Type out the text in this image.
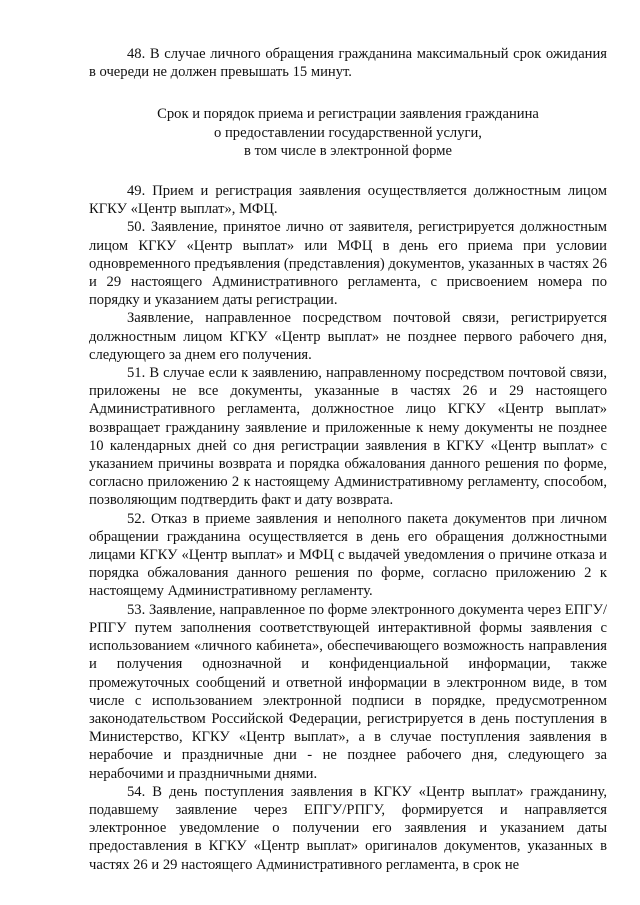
48. В случае личного обращения гражданина максимальный срок ожидания в очереди не должен превышать 15 минут.

Срок и порядок приема и регистрации заявления гражданина
о предоставлении государственной услуги,
в том числе в электронной форме

49. Прием и регистрация заявления осуществляется должностным лицом КГКУ «Центр выплат», МФЦ.

50. Заявление, принятое лично от заявителя, регистрируется должностным лицом КГКУ «Центр выплат» или МФЦ в день его приема при условии одновременного предъявления (представления) документов, указанных в частях 26 и 29 настоящего Административного регламента, с присвоением номера по порядку и указанием даты регистрации.

Заявление, направленное посредством почтовой связи, регистрируется должностным лицом КГКУ «Центр выплат» не позднее первого рабочего дня, следующего за днем его получения.

51. В случае если к заявлению, направленному посредством почтовой связи, приложены не все документы, указанные в частях 26 и 29 настоящего Административного регламента, должностное лицо КГКУ «Центр выплат» возвращает гражданину заявление и приложенные к нему документы не позднее 10 календарных дней со дня регистрации заявления в КГКУ «Центр выплат» с указанием причины возврата и порядка обжалования данного решения по форме, согласно приложению 2 к настоящему Административному регламенту, способом, позволяющим подтвердить факт и дату возврата.

52. Отказ в приеме заявления и неполного пакета документов при личном обращении гражданина осуществляется в день его обращения должностными лицами КГКУ «Центр выплат» и МФЦ с выдачей уведомления о причине отказа и порядка обжалования данного решения по форме, согласно приложению 2 к настоящему Административному регламенту.

53. Заявление, направленное по форме электронного документа через ЕПГУ/РПГУ путем заполнения соответствующей интерактивной формы заявления с использованием «личного кабинета», обеспечивающего возможность направления и получения однозначной и конфиденциальной информации, также промежуточных сообщений и ответной информации в электронном виде, в том числе с использованием электронной подписи в порядке, предусмотренном законодательством Российской Федерации, регистрируется в день поступления в Министерство, КГКУ «Центр выплат», а в случае поступления заявления в нерабочие и праздничные дни - не позднее рабочего дня, следующего за нерабочими и праздничными днями.

54. В день поступления заявления в КГКУ «Центр выплат» гражданину, подавшему заявление через ЕПГУ/РПГУ, формируется и направляется электронное уведомление о получении его заявления и указанием даты предоставления в КГКУ «Центр выплат» оригиналов документов, указанных в частях 26 и 29 настоящего Административного регламента, в срок не
